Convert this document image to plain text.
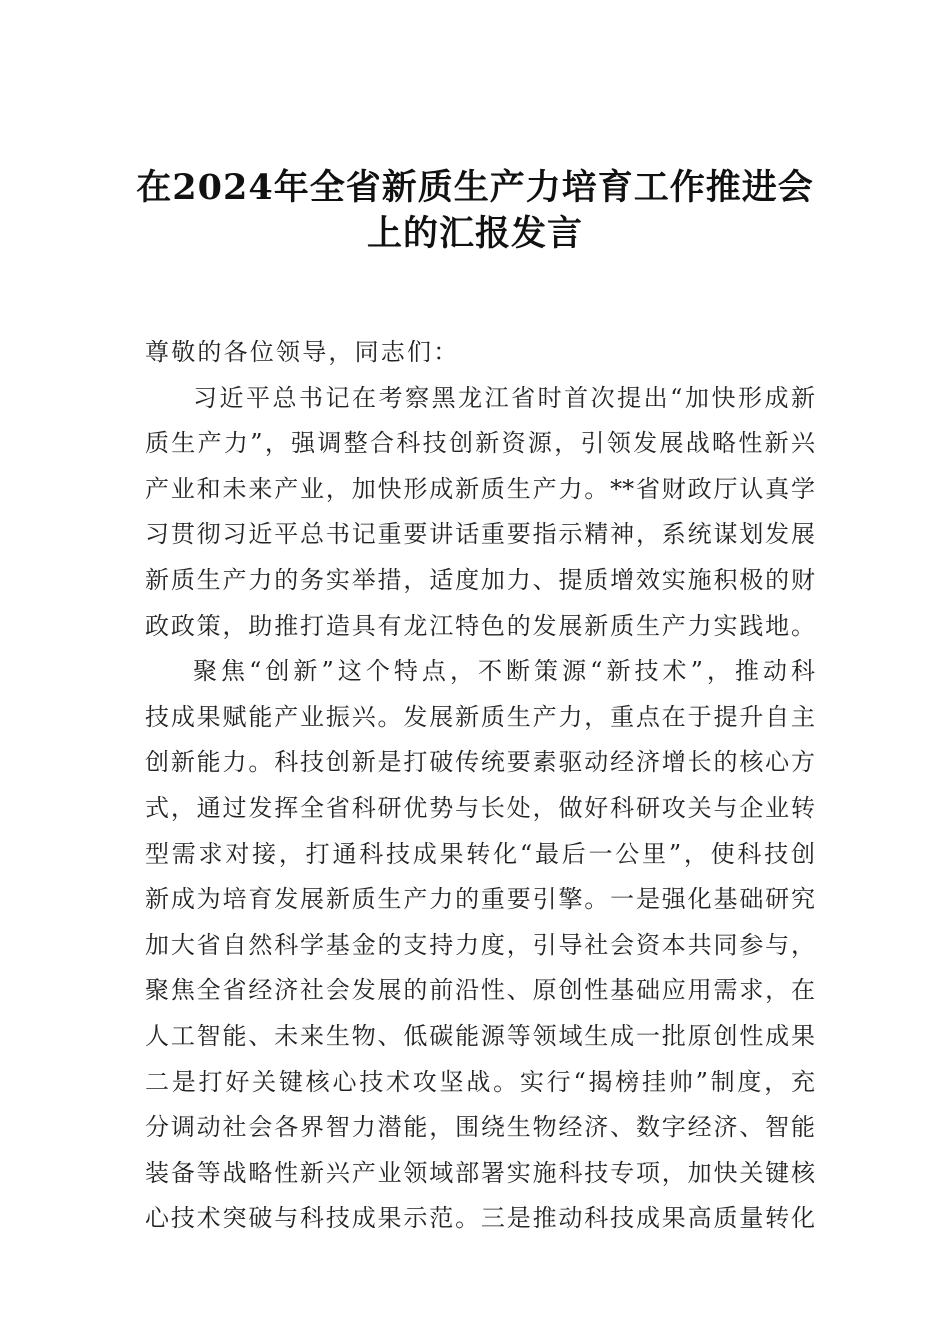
在2024年全省新质生产力培育工作推进会
上的汇报发言
尊敬的各位领导，同志们：
习近平总书记在考察黑龙江省时首次提出“加快形成新
质生产力”，强调整合科技创新资源，引领发展战略性新兴
产业和未来产业，加快形成新质生产力。**省财政厅认真学
习贯彻习近平总书记重要讲话重要指示精神，系统谋划发展
新质生产力的务实举措，适度加力、提质增效实施积极的财
政政策，助推打造具有龙江特色的发展新质生产力实践地。
聚焦“创新”这个特点，不断策源“新技术”，推动科
技成果赋能产业振兴。发展新质生产力，重点在于提升自主
创新能力。科技创新是打破传统要素驱动经济增长的核心方
式，通过发挥全省科研优势与长处，做好科研攻关与企业转
型需求对接，打通科技成果转化“最后一公里”，使科技创
新成为培育发展新质生产力的重要引擎。一是强化基础研究
加大省自然科学基金的支持力度，引导社会资本共同参与，
聚焦全省经济社会发展的前沿性、原创性基础应用需求，在
人工智能、未来生物、低碳能源等领域生成一批原创性成果
二是打好关键核心技术攻坚战。实行“揭榜挂帅”制度，充
分调动社会各界智力潜能，围绕生物经济、数字经济、智能
装备等战略性新兴产业领域部署实施科技专项，加快关键核
心技术突破与科技成果示范。三是推动科技成果高质量转化
